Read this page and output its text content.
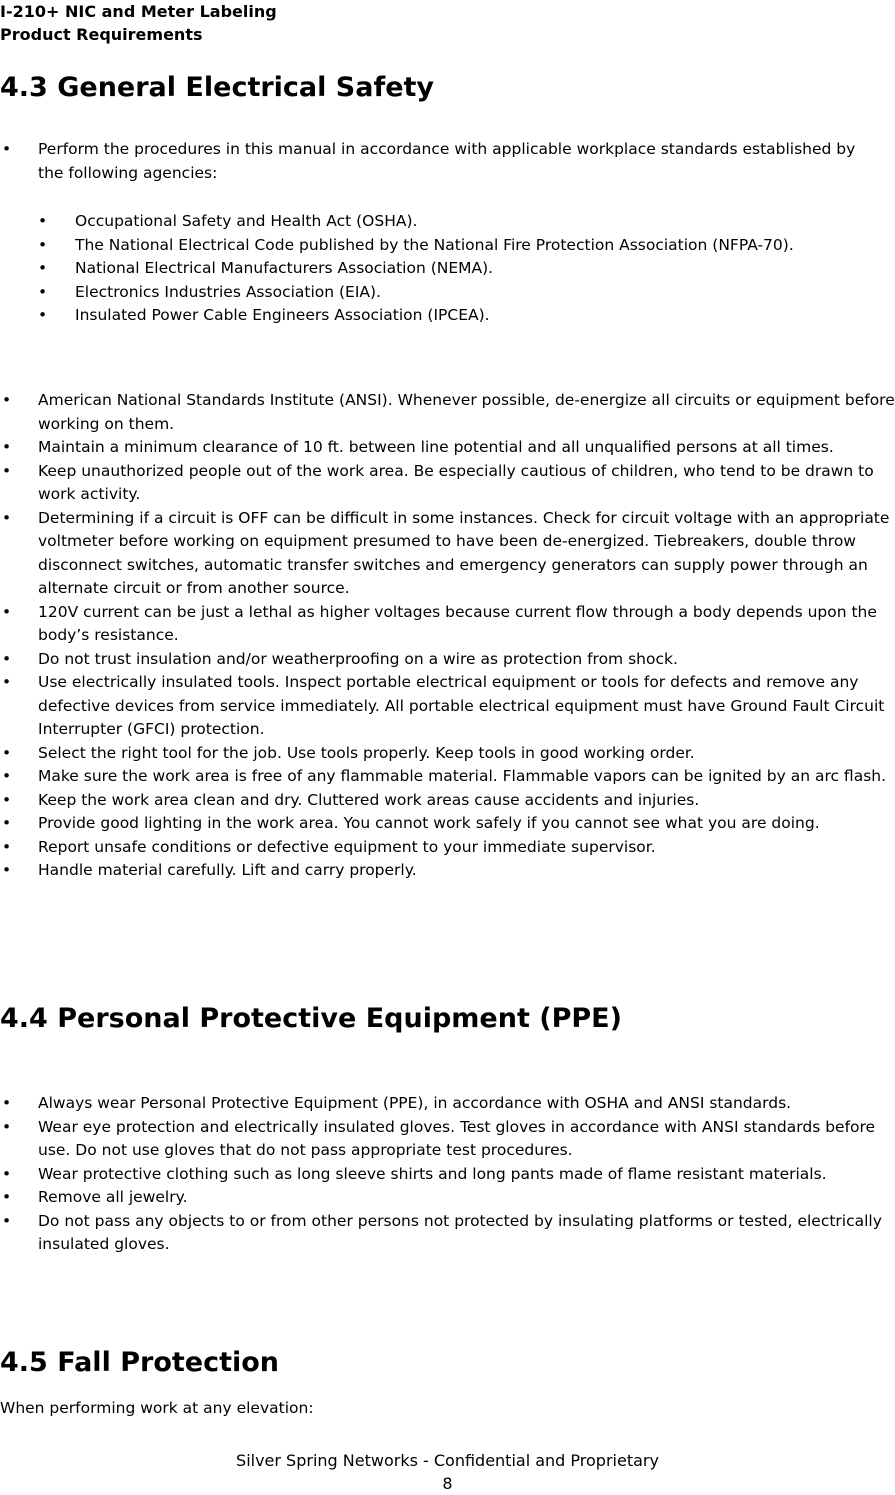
I-210+ NIC and Meter Labeling
Product Requirements
4.3 General Electrical Safety
• Perform the procedures in this manual in accordance with applicable workplace standards established by the following agencies:
• Occupational Safety and Health Act (OSHA).
• The National Electrical Code published by the National Fire Protection Association (NFPA-70).
• National Electrical Manufacturers Association (NEMA).
• Electronics Industries Association (EIA).
• Insulated Power Cable Engineers Association (IPCEA).
• American National Standards Institute (ANSI). Whenever possible, de-energize all circuits or equipment before working on them.
• Maintain a minimum clearance of 10 ft. between line potential and all unqualified persons at all times.
• Keep unauthorized people out of the work area. Be especially cautious of children, who tend to be drawn to work activity.
• Determining if a circuit is OFF can be difficult in some instances. Check for circuit voltage with an appropriate voltmeter before working on equipment presumed to have been de-energized. Tiebreakers, double throw disconnect switches, automatic transfer switches and emergency generators can supply power through an alternate circuit or from another source.
• 120V current can be just a lethal as higher voltages because current flow through a body depends upon the body’s resistance.
• Do not trust insulation and/or weatherproofing on a wire as protection from shock.
• Use electrically insulated tools. Inspect portable electrical equipment or tools for defects and remove any defective devices from service immediately. All portable electrical equipment must have Ground Fault Circuit Interrupter (GFCI) protection.
• Select the right tool for the job. Use tools properly. Keep tools in good working order.
• Make sure the work area is free of any flammable material. Flammable vapors can be ignited by an arc flash.
• Keep the work area clean and dry. Cluttered work areas cause accidents and injuries.
• Provide good lighting in the work area. You cannot work safely if you cannot see what you are doing.
• Report unsafe conditions or defective equipment to your immediate supervisor.
• Handle material carefully. Lift and carry properly.
4.4 Personal Protective Equipment (PPE)
• Always wear Personal Protective Equipment (PPE), in accordance with OSHA and ANSI standards.
• Wear eye protection and electrically insulated gloves. Test gloves in accordance with ANSI standards before use. Do not use gloves that do not pass appropriate test procedures.
• Wear protective clothing such as long sleeve shirts and long pants made of flame resistant materials.
• Remove all jewelry.
• Do not pass any objects to or from other persons not protected by insulating platforms or tested, electrically insulated gloves.
4.5 Fall Protection

When performing work at any elevation:

Silver Spring Networks - Confidential and Proprietary
8
